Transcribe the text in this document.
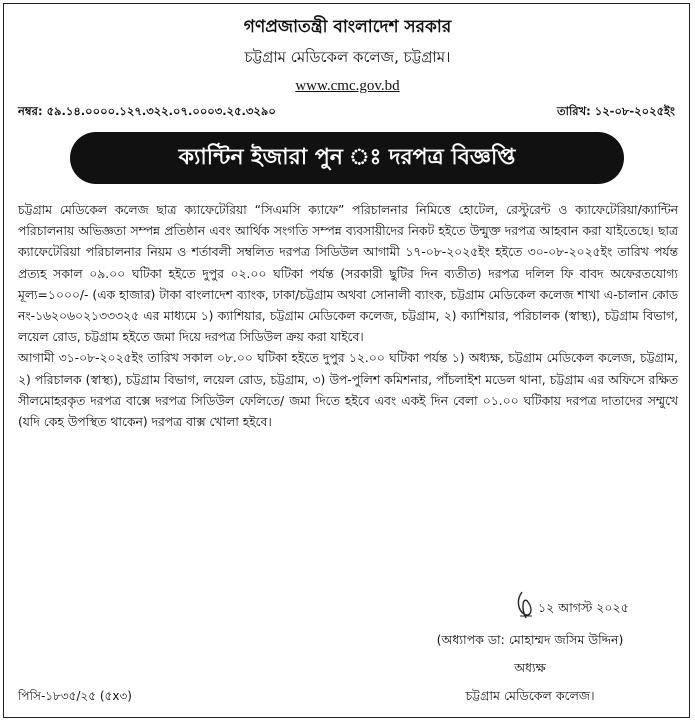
গণপ্রজাতন্ত্রী বাংলাদেশ সরকার
চট্টগ্রাম মেডিকেল কলেজ, চট্টগ্রাম।
www.cmc.gov.bd
নম্বর: ৫৯.১৪.০০০০.১২৭.৩২২.০৭.০০০৩.২৫.৩২৯০	তারিখ: ১২-০৮-২০২৫ইং
ক্যান্টিন ইজারা পুন ঃ দরপত্র বিজ্ঞপ্তি

চট্টগ্রাম মেডিকেল কলেজ ছাত্র ক্যাফেটেরিয়া “সিএমসি ক্যাফে” পরিচালনার নিমিত্তে হোটেল, রেস্টুরেন্ট ও ক্যাফেটেরিয়া/ক্যান্টিন পরিচালনায় অভিজ্ঞতা সম্পন্ন প্রতিষ্ঠান এবং আর্থিক সংগতি সম্পন্ন ব্যবসায়ীদের নিকট হইতে উন্মুক্ত দরপত্র আহবান করা যাইতেছে। ছাত্র ক্যাফেটেরিয়া পরিচালনার নিয়ম ও শর্তাবলী সম্বলিত দরপত্র সিডিউল আগামী ১৭-০৮-২০২৫ইং হইতে ৩০-০৮-২০২৫ইং তারিখ পর্যন্ত প্রত্যহ সকাল ০৯.০০ ঘটিকা হইতে দুপুর ০২.০০ ঘটিকা পর্যন্ত (সরকারী ছুটির দিন ব্যতীত) দরপত্র দলিল ফি বাবদ অফেরতযোগ্য মূল্য=১০০০/- (এক হাজার) টাকা বাংলাদেশ ব্যাংক, ঢাকা/চট্টগ্রাম অথবা সোনালী ব্যাংক, চট্টগ্রাম মেডিকেল কলেজ শাখা এ-চালান কোড নং-১৬২০৬০২১৩৩৩২৫ এর মাধ্যমে ১) ক্যাশিয়ার, চট্টগ্রাম মেডিকেল কলেজ, চট্টগ্রাম, ২) ক্যাশিয়ার, পরিচালক (স্বাস্থ্য), চট্টগ্রাম বিভাগ, লয়েল রোড, চট্টগ্রাম হইতে জমা দিয়ে দরপত্র সিডিউল ক্রয় করা যাইবে।

আগামী ৩১-০৮-২০২৫ইং তারিখ সকাল ০৮.০০ ঘটিকা হইতে দুপুর ১২.০০ ঘটিকা পর্যন্ত ১) অধ্যক্ষ, চট্টগ্রাম মেডিকেল কলেজ, চট্টগ্রাম, ২) পরিচালক (স্বাস্থ্য), চট্টগ্রাম বিভাগ, লয়েল রোড, চট্টগ্রাম, ৩) উপ-পুলিশ কমিশনার, পাঁচলাইশ মডেল থানা, চট্টগ্রাম এর অফিসে রক্ষিত সীলমোহরকৃত দরপত্র বাক্সে দরপত্র সিডিউল ফেলিতে/ জমা দিতে হইবে এবং একই দিন বেলা ০১.০০ ঘটিকায় দরপত্র দাতাদের সম্মুখে (যদি কেহ উপস্থিত থাকেন) দরপত্র বাক্স খোলা হইবে।

১২ আগস্ট ২০২৫
(অধ্যাপক ডা: মোহাম্মদ জসিম উদ্দিন)
অধ্যক্ষ
চট্টগ্রাম মেডিকেল কলেজ।
পিসি-১৮৩৫/২৫ (৫x৩)
